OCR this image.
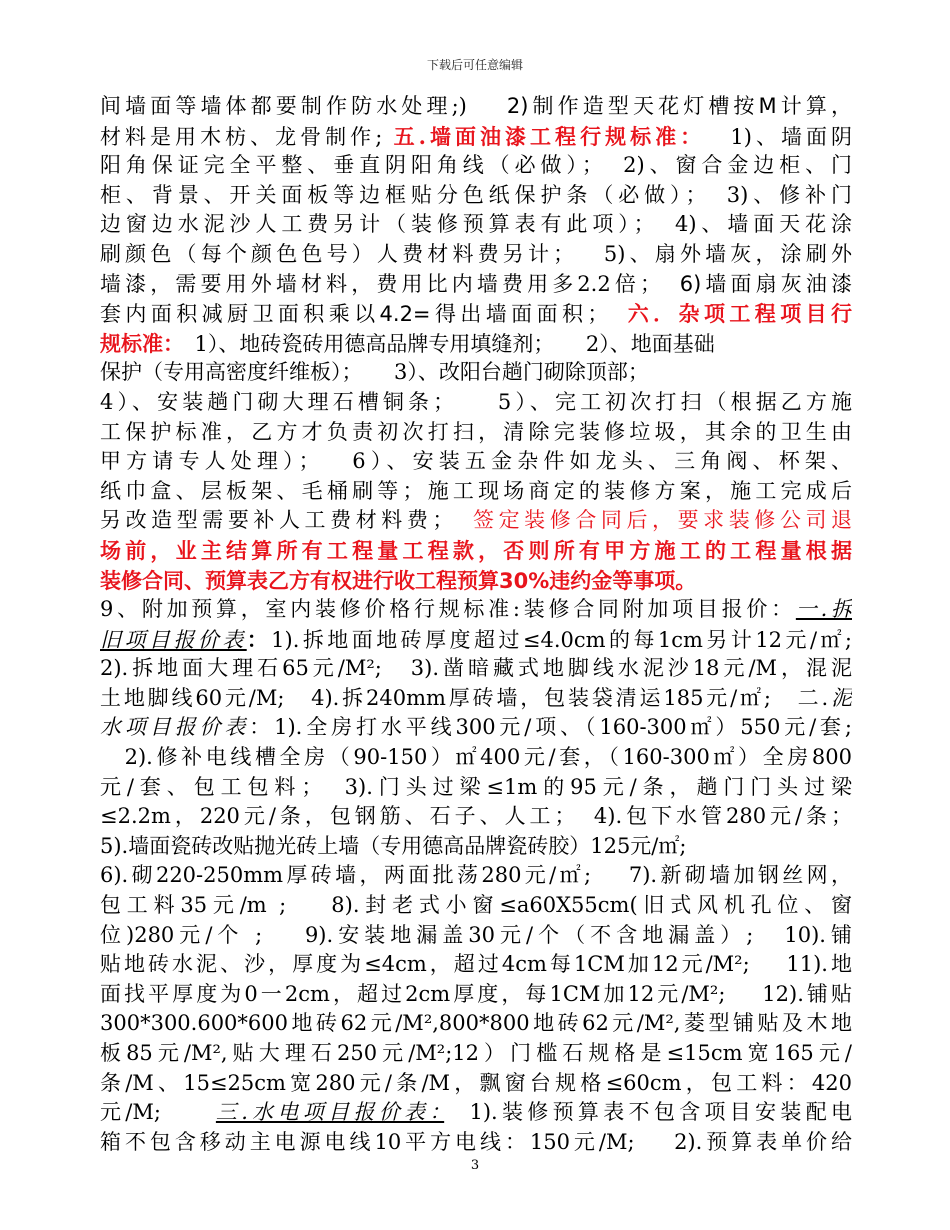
下载后可任意编辑
间墙面等墙体都要制作防水处理;)　 2)制作造型天花灯槽按M计算，
材料是用木枋、龙骨制作; 五.墙面油漆工程行规标准：　 1)、墙面阴
阳角保证完全平整、垂直阴阳角线（必做）；　2)、窗合金边柜、门
柜、背景、开关面板等边框贴分色纸保护条（必做）；　3)、修补门
边窗边水泥沙人工费另计（装修预算表有此项）；　4)、墙面天花涂
刷颜色（每个颜色色号）人费材料费另计；　 5)、扇外墙灰，涂刷外
墙漆，需要用外墙材料，费用比内墙费用多2.2倍；　6)墙面扇灰油漆
套内面积减厨卫面积乘以4.2=得出墙面面积；　六．杂项工程项目行
规标准：　1）、地砖瓷砖用德高品牌专用填缝剂；　　2）、地面基础
保护（专用高密度纤维板）；　　3）、改阳台趟门砌除顶部；
4）、安装趟门砌大理石槽铜条；　　5）、完工初次打扫（根据乙方施
工保护标准，乙方才负责初次打扫，清除完装修垃圾，其余的卫生由
甲方请专人处理）；　 6）、安装五金杂件如龙头、三角阀、杯架、
纸巾盒、层板架、毛桶刷等；施工现场商定的装修方案，施工完成后
另改造型需要补人工费材料费；　签定装修合同后，要求装修公司退
场前，业主结算所有工程量工程款，否则所有甲方施工的工程量根据
装修合同、预算表乙方有权进行收工程预算30%违约金等事项。
9、附加预算，室内装修价格行规标准:装修合同附加项目报价：一.拆
旧项目报价表：1).拆地面地砖厚度超过≤4.0cm的每1cm另计12元/㎡;
2).拆地面大理石65元/M²;　3).凿暗藏式地脚线水泥沙18元/M，混泥
土地脚线60元/M;　4).拆240mm厚砖墙，包装袋清运185元/㎡;　二.泥
水项目报价表：1).全房打水平线300元/项、（160-300㎡）550元/套;
　2).修补电线槽全房（90-150）㎡400元/套，（160-300㎡）全房800
元/套、包工包料；　3).门头过梁≤1m的95元/条，趟门门头过梁
≤2.2m，220元/条，包钢筋、石子、人工；　4).包下水管280元/条；
5).墙面瓷砖改贴抛光砖上墙（专用德高品牌瓷砖胶）125元/㎡;
6).砌220-250mm厚砖墙，两面批荡280元/㎡;　 7).新砌墙加钢丝网，
包工料35元/m ;　 8).封老式小窗≤a60X55cm(旧式风机孔位、窗
位)280元/个 ;　 9).安装地漏盖30元/个（不含地漏盖）;　10).铺
贴地砖水泥、沙，厚度为≤4cm，超过4cm每1CM加12元/M²;　 11).地
面找平厚度为0一2cm，超过2cm厚度，每1CM加12元/M²;　 12).铺贴
300*300.600*600地砖62元/M²,800*800地砖62元/M²,菱型铺贴及木地
板85元/M²,贴大理石250元/M²;12）门槛石规格是≤15cm宽165元/
条/M、15≤25cm宽280元/条/M，飘窗台规格≤60cm，包工料：420
元/M;　　三.水电项目报价表：　1).装修预算表不包含项目安装配电
箱不包含移动主电源电线10平方电线：150元/M;　 2).预算表单价给
3
